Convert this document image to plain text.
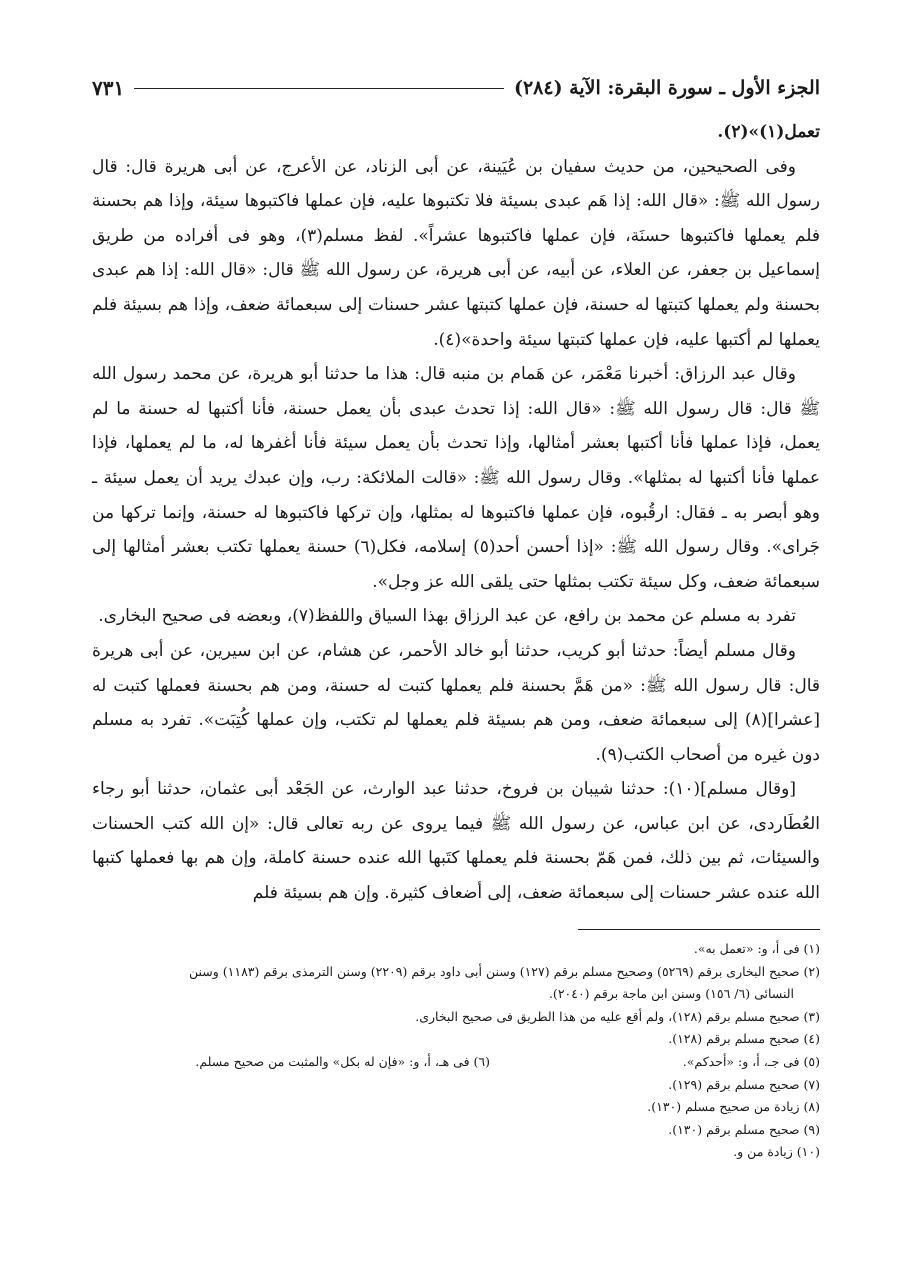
الجزء الأول ـ سورة البقرة: الآية (٢٨٤)
٧٣١

تعمل(١)»(٢).

وفى الصحيحين، من حديث سفيان بن عُيَينة، عن أبى الزناد، عن الأعرج، عن أبى هريرة قال: قال رسول الله ﷺ: «قال الله: إذا هَم عبدى بسيئة فلا تكتبوها عليه، فإن عملها فاكتبوها سيئة، وإذا هم بحسنة فلم يعملها فاكتبوها حسنَة، فإن عملها فاكتبوها عشراً». لفظ مسلم(٣)، وهو فى أفراده من طريق إسماعيل بن جعفر، عن العلاء، عن أبيه، عن أبى هريرة، عن رسول الله ﷺ قال: «قال الله: إذا هم عبدى بحسنة ولم يعملها كتبتها له حسنة، فإن عملها كتبتها عشر حسنات إلى سبعمائة ضعف، وإذا هم بسيئة فلم يعملها لم أكتبها عليه، فإن عملها كتبتها سيئة واحدة»(٤).

وقال عبد الرزاق: أخبرنا مَعْمَر، عن هَمام بن منبه قال: هذا ما حدثنا أبو هريرة، عن محمد رسول الله ﷺ قال: قال رسول الله ﷺ: «قال الله: إذا تحدث عبدى بأن يعمل حسنة، فأنا أكتبها له حسنة ما لم يعمل، فإذا عملها فأنا أكتبها بعشر أمثالها، وإذا تحدث بأن يعمل سيئة فأنا أغفرها له، ما لم يعملها، فإذا عملها فأنا أكتبها له بمثلها». وقال رسول الله ﷺ: «قالت الملائكة: رب، وإن عبدك يريد أن يعمل سيئة ـ وهو أبصر به ـ فقال: ارقُبوه، فإن عملها فاكتبوها له بمثلها، وإن تركها فاكتبوها له حسنة، وإنما تركها من جَراى». وقال رسول الله ﷺ: «إذا أحسن أحد(٥) إسلامه، فكل(٦) حسنة يعملها تكتب بعشر أمثالها إلى سبعمائة ضعف، وكل سيئة تكتب بمثلها حتى يلقى الله عز وجل».

تفرد به مسلم عن محمد بن رافع، عن عبد الرزاق بهذا السياق واللفظ(٧)، وبعضه فى صحيح البخارى.

وقال مسلم أيضاً: حدثنا أبو كريب، حدثنا أبو خالد الأحمر، عن هشام، عن ابن سيرين، عن أبى هريرة قال: قال رسول الله ﷺ: «من هَمَّ بحسنة فلم يعملها كتبت له حسنة، ومن هم بحسنة فعملها كتبت له [عشرا](٨) إلى سبعمائة ضعف، ومن هم بسيئة فلم يعملها لم تكتب، وإن عملها كُتِبَت». تفرد به مسلم دون غيره من أصحاب الكتب(٩).

[وقال مسلم](١٠): حدثنا شيبان بن فروخ، حدثنا عبد الوارث، عن الجَعْد أبى عثمان، حدثنا أبو رجاء العُطَاردى، عن ابن عباس، عن رسول الله ﷺ فيما يروى عن ربه تعالى قال: «إن الله كتب الحسنات والسيئات، ثم بين ذلك، فمن هَمّ بحسنة فلم يعملها كتَبها الله عنده حسنة كاملة، وإن هم بها فعملها كتبها الله عنده عشر حسنات إلى سبعمائة ضعف، إلى أضعاف كثيرة. وإن هم بسيئة فلم

(١) فى أ، و: «تعمل به».

(٢) صحيح البخارى برقم (٥٢٦٩) وصحيح مسلم برقم (١٢٧) وسنن أبى داود برقم (٢٢٠٩) وسنن الترمذى برقم (١١٨٣) وسنن

النسائى (٦/ ١٥٦) وسنن ابن ماجة برقم (٢٠٤٠).

(٣) صحيح مسلم برقم (١٢٨)، ولم أقع عليه من هذا الطريق فى صحيح البخارى.

(٤) صحيح مسلم برقم (١٢٨).

(٥) فى جـ، أ، و: «أحدكم».
(٦) فى هـ، أ، و: «فإن له بكل» والمثبت من صحيح مسلم.

(٧) صحيح مسلم برقم (١٢٩).

(٨) زيادة من صحيح مسلم (١٣٠).

(٩) صحيح مسلم برقم (١٣٠).

(١٠) زيادة من و.
